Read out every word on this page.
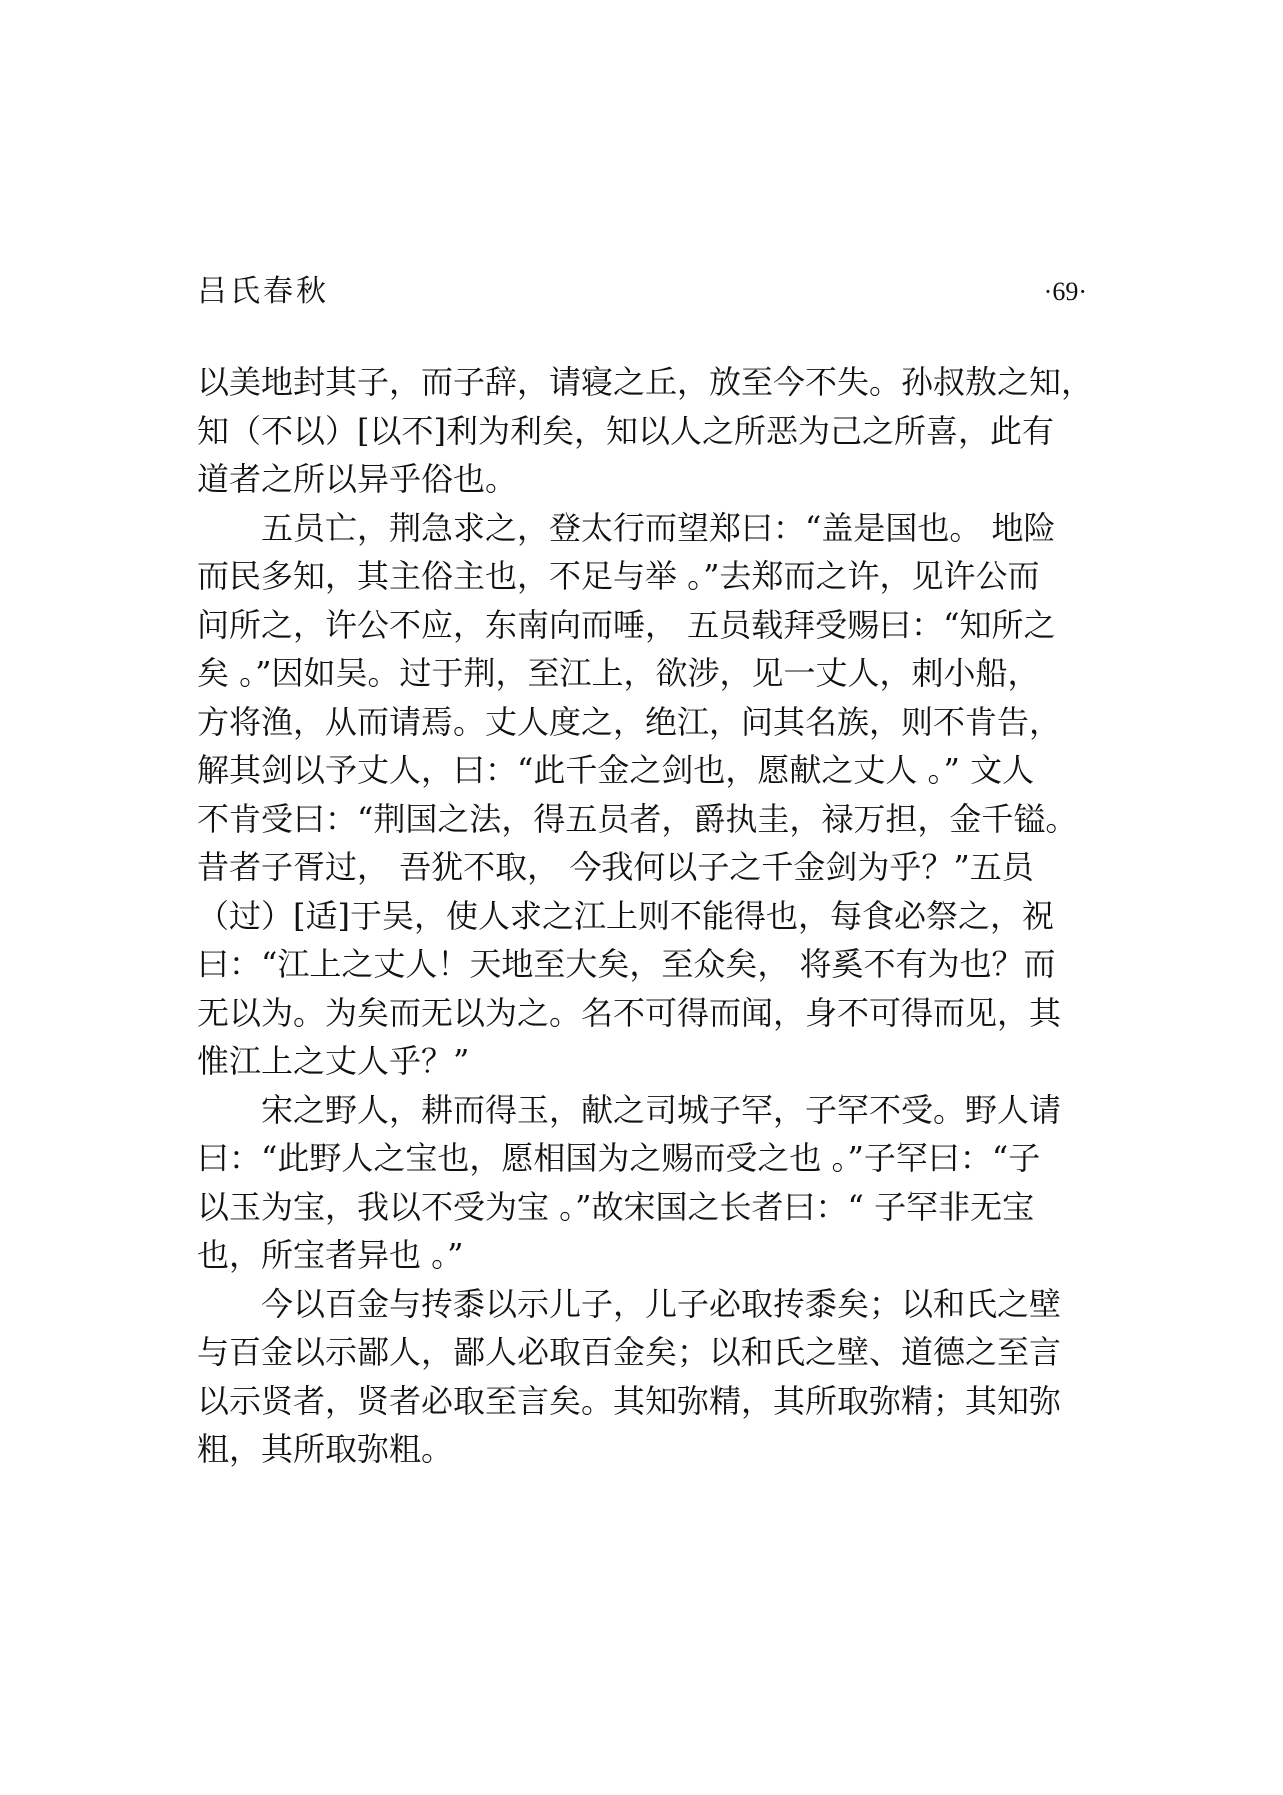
吕氏春秋	·69·
以美地封其子，而子辞，请寝之丘，放至今不失。孙叔敖之知，
知（不以）[以不]利为利矣，知以人之所恶为己之所喜，此有
道者之所以异乎俗也。
五员亡，荆急求之，登太行而望郑曰：“盖是国也。 地险
而民多知，其主俗主也，不足与举 。”去郑而之许，见许公而
问所之，许公不应，东南向而唾， 五员载拜受赐曰：“知所之
矣 。”因如吴。过于荆，至江上，欲涉，见一丈人，刺小船，
方将渔，从而请焉。丈人度之，绝江，问其名族，则不肯告，
解其剑以予丈人，曰：“此千金之剑也，愿献之丈人 。” 文人
不肯受曰：“荆国之法，得五员者，爵执圭，禄万担，金千镒。
昔者子胥过， 吾犹不取， 今我何以子之千金剑为乎？”五员
（过）[适]于吴，使人求之江上则不能得也，每食必祭之，祝
曰：“江上之丈人！天地至大矣，至众矣， 将奚不有为也？而
无以为。为矣而无以为之。名不可得而闻，身不可得而见，其
惟江上之丈人乎？”
宋之野人，耕而得玉，献之司城子罕，子罕不受。野人请
曰：“此野人之宝也，愿相国为之赐而受之也 。”子罕曰：“子
以玉为宝，我以不受为宝 。”故宋国之长者曰：“ 子罕非无宝
也，所宝者异也 。”
今以百金与抟黍以示儿子，儿子必取抟黍矣；以和氏之壁
与百金以示鄙人，鄙人必取百金矣；以和氏之壁、道德之至言
以示贤者，贤者必取至言矣。其知弥精，其所取弥精；其知弥
粗，其所取弥粗。
